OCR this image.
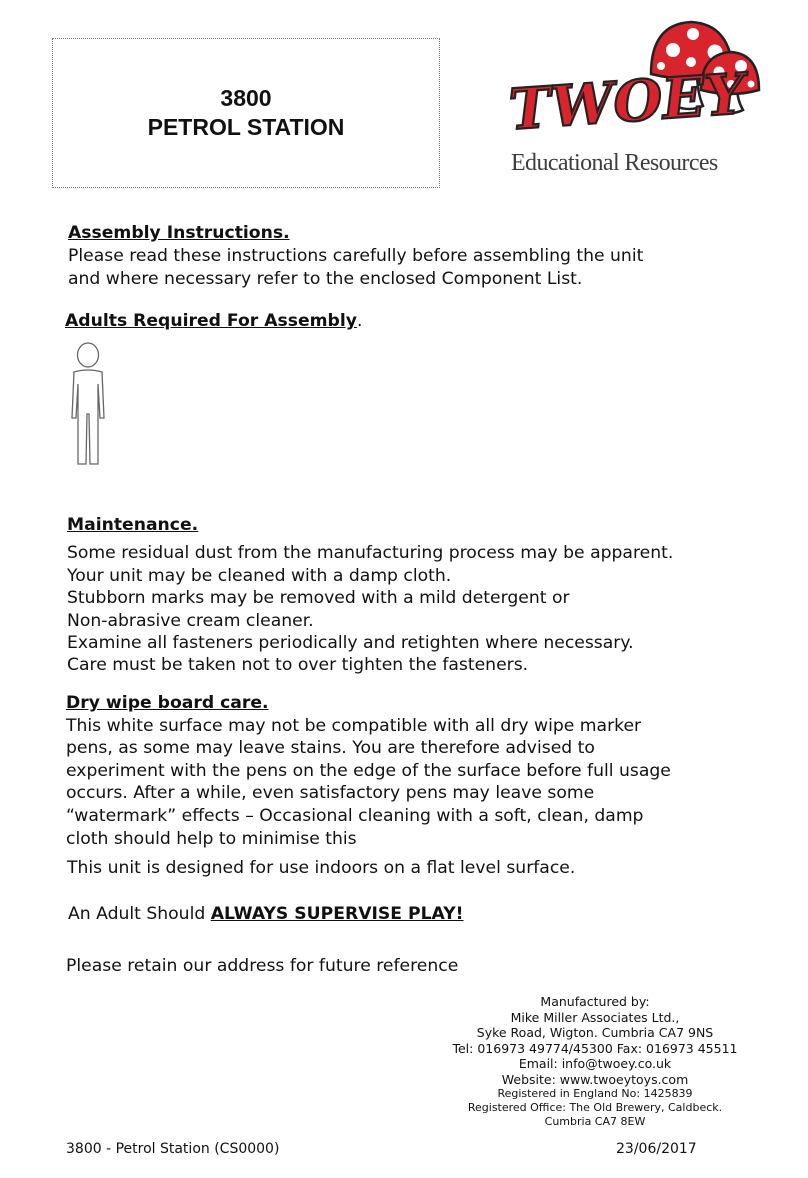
3800
PETROL STATION	TWOEY
Educational Resources
Assembly Instructions.
Please read these instructions carefully before assembling the unit
and where necessary refer to the enclosed Component List.
Adults Required For Assembly.
Maintenance.
Some residual dust from the manufacturing process may be apparent.
Your unit may be cleaned with a damp cloth.
Stubborn marks may be removed with a mild detergent or
Non-abrasive cream cleaner.
Examine all fasteners periodically and retighten where necessary.
Care must be taken not to over tighten the fasteners.
Dry wipe board care.
This white surface may not be compatible with all dry wipe marker
pens, as some may leave stains. You are therefore advised to
experiment with the pens on the edge of the surface before full usage
occurs. After a while, even satisfactory pens may leave some
“watermark” effects – Occasional cleaning with a soft, clean, damp
cloth should help to minimise this
This unit is designed for use indoors on a flat level surface.
An Adult Should ALWAYS SUPERVISE PLAY!
Please retain our address for future reference
Manufactured by:
Mike Miller Associates Ltd.,
Syke Road, Wigton. Cumbria CA7 9NS
Tel: 016973 49774/45300 Fax: 016973 45511
Email: info@twoey.co.uk
Website: www.twoeytoys.com
Registered in England No: 1425839
Registered Office: The Old Brewery, Caldbeck.
Cumbria CA7 8EW
3800 - Petrol Station (CS0000)	23/06/2017
